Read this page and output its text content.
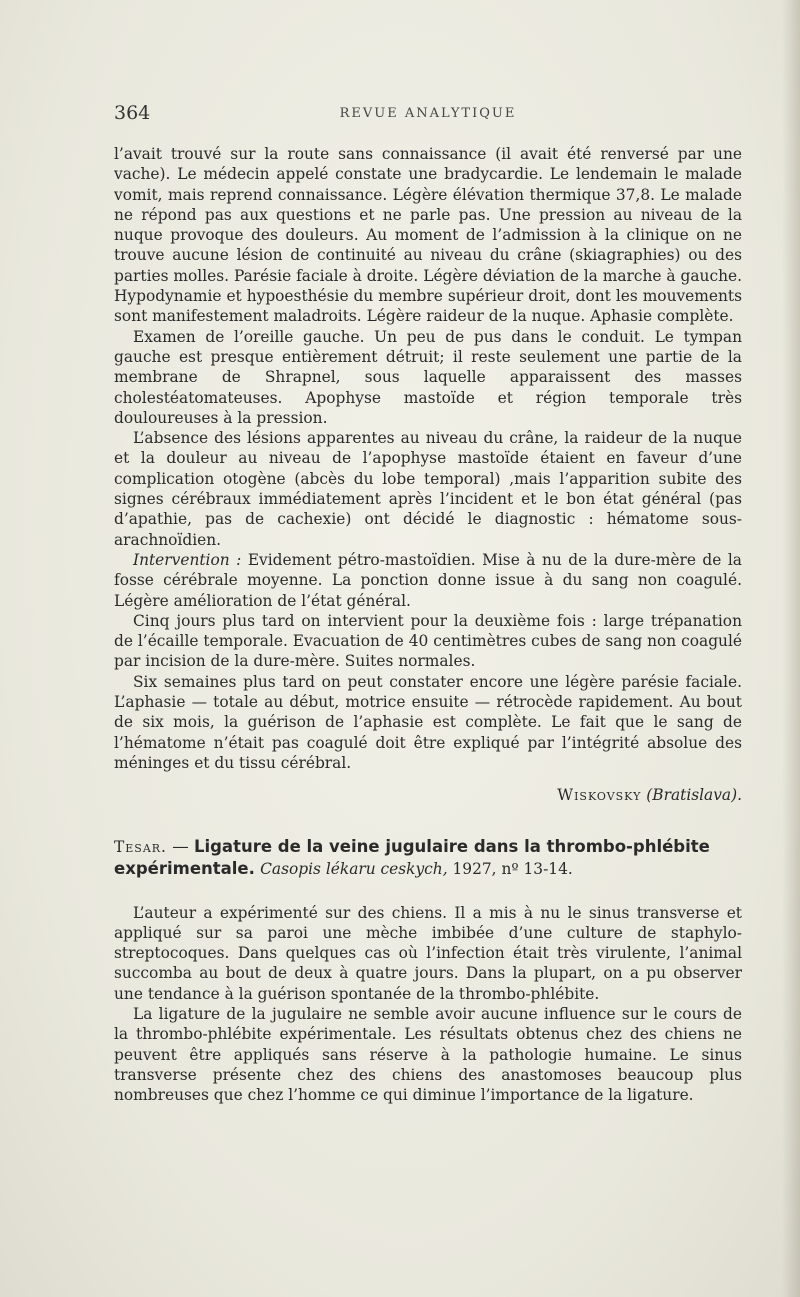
364	REVUE ANALYTIQUE

l’avait trouvé sur la route sans connaissance (il avait été renversé par une vache). Le médecin appelé constate une bradycardie. Le lendemain le malade vomit, mais reprend connaissance. Légère élévation thermique 37,8. Le malade ne répond pas aux questions et ne parle pas. Une pression au niveau de la nuque provoque des douleurs. Au moment de l’admission à la clinique on ne trouve aucune lésion de continuité au niveau du crâne (skiagraphies) ou des parties molles. Parésie faciale à droite. Légère déviation de la marche à gauche. Hypodynamie et hypoesthésie du membre supérieur droit, dont les mouvements sont manifestement maladroits. Légère raideur de la nuque. Aphasie complète.

Examen de l’oreille gauche. Un peu de pus dans le conduit. Le tympan gauche est presque entièrement détruit; il reste seulement une partie de la membrane de Shrapnel, sous laquelle apparaissent des masses cholestéatomateuses. Apophyse mastoïde et région temporale très douloureuses à la pression.

L’absence des lésions apparentes au niveau du crâne, la raideur de la nuque et la douleur au niveau de l’apophyse mastoïde étaient en faveur d’une complication otogène (abcès du lobe temporal) ,mais l’apparition subite des signes cérébraux immédiatement après l’incident et le bon état général (pas d’apathie, pas de cachexie) ont décidé le diagnostic : hématome sous-arachnoïdien.

Intervention : Evidement pétro-mastoïdien. Mise à nu de la dure-mère de la fosse cérébrale moyenne. La ponction donne issue à du sang non coagulé. Légère amélioration de l’état général.

Cinq jours plus tard on intervient pour la deuxième fois : large trépanation de l’écaille temporale. Evacuation de 40 centimètres cubes de sang non coagulé par incision de la dure-mère. Suites normales.

Six semaines plus tard on peut constater encore une légère parésie faciale. L’aphasie — totale au début, motrice ensuite — rétrocède rapidement. Au bout de six mois, la guérison de l’aphasie est complète. Le fait que le sang de l’hématome n’était pas coagulé doit être expliqué par l’intégrité absolue des méninges et du tissu cérébral.

Wiskovsky (Bratislava).
Tesar. — Ligature de la veine jugulaire dans la thrombo-phlébite expérimentale. Casopis lékaru ceskych, 1927, nº 13-14.

L’auteur a expérimenté sur des chiens. Il a mis à nu le sinus transverse et appliqué sur sa paroi une mèche imbibée d’une culture de staphylo-streptocoques. Dans quelques cas où l’infection était très virulente, l’animal succomba au bout de deux à quatre jours. Dans la plupart, on a pu observer une tendance à la guérison spontanée de la thrombo-phlébite.

La ligature de la jugulaire ne semble avoir aucune influence sur le cours de la thrombo-phlébite expérimentale. Les résultats obtenus chez des chiens ne peuvent être appliqués sans réserve à la pathologie humaine. Le sinus transverse présente chez des chiens des anastomoses beaucoup plus nombreuses que chez l’homme ce qui diminue l’importance de la ligature.
